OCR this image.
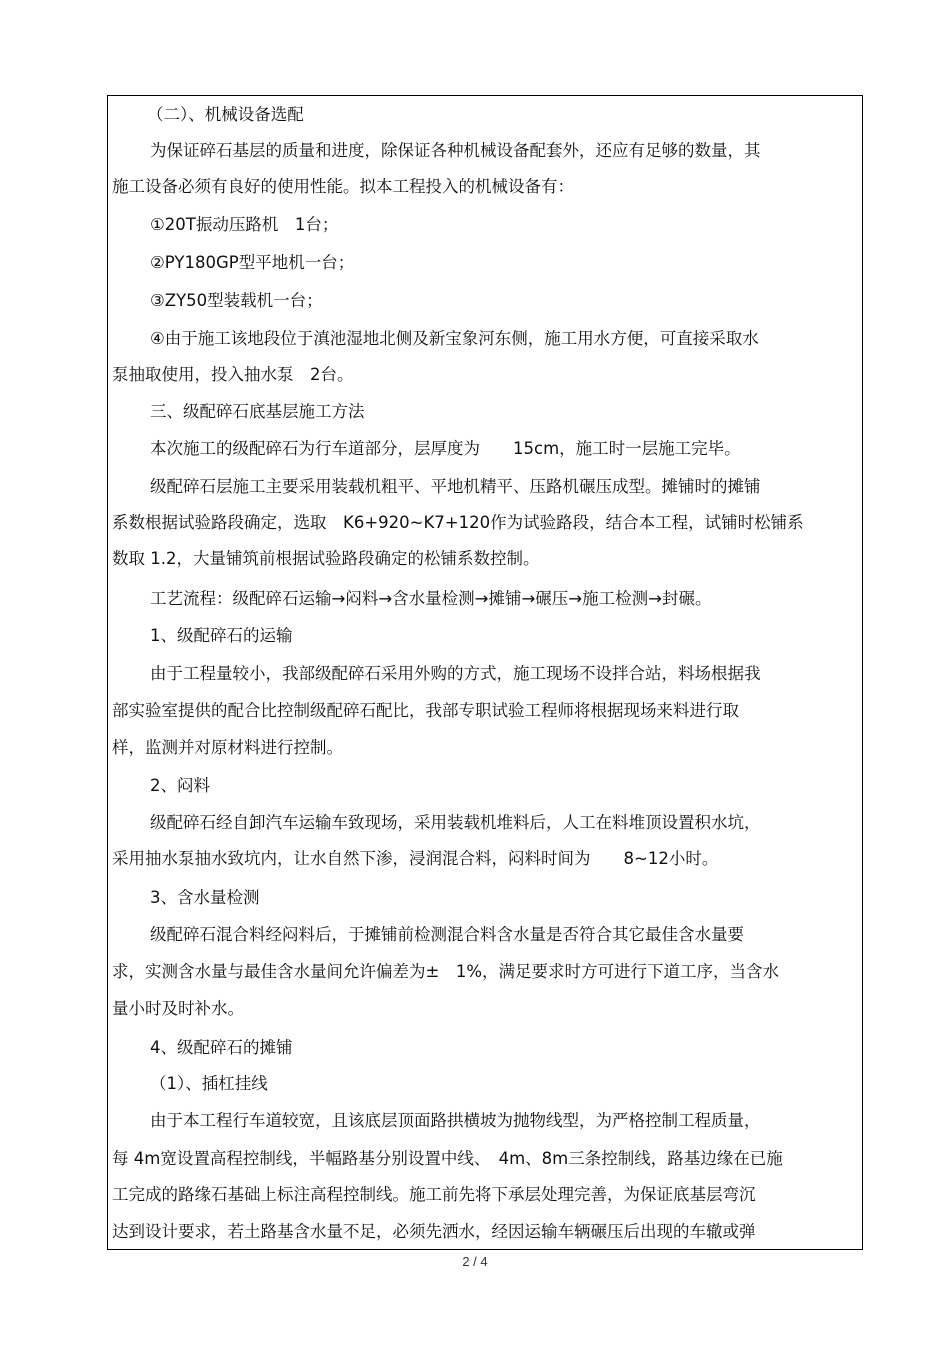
（二）、机械设备选配
为保证碎石基层的质量和进度，除保证各种机械设备配套外，还应有足够的数量，其
施工设备必须有良好的使用性能。拟本工程投入的机械设备有：
①20T振动压路机　1台；
②PY180GP型平地机一台；
③ZY50型装载机一台；
④由于施工该地段位于滇池湿地北侧及新宝象河东侧，施工用水方便，可直接采取水
泵抽取使用，投入抽水泵　2台。
三、级配碎石底基层施工方法
本次施工的级配碎石为行车道部分，层厚度为　　15cm，施工时一层施工完毕。
级配碎石层施工主要采用装载机粗平、平地机精平、压路机碾压成型。摊铺时的摊铺
系数根据试验路段确定，选取　K6+920~K7+120作为试验路段，结合本工程，试铺时松铺系
数取 1.2，大量铺筑前根据试验路段确定的松铺系数控制。
工艺流程：级配碎石运输→闷料→含水量检测→摊铺→碾压→施工检测→封碾。
1、级配碎石的运输
由于工程量较小，我部级配碎石采用外购的方式，施工现场不设拌合站，料场根据我
部实验室提供的配合比控制级配碎石配比，我部专职试验工程师将根据现场来料进行取
样，监测并对原材料进行控制。
2、闷料
级配碎石经自卸汽车运输车致现场，采用装载机堆料后，人工在料堆顶设置积水坑，
采用抽水泵抽水致坑内，让水自然下渗，浸润混合料，闷料时间为　　8~12小时。
3、含水量检测
级配碎石混合料经闷料后，于摊铺前检测混合料含水量是否符合其它最佳含水量要
求，实测含水量与最佳含水量间允许偏差为±　1%，满足要求时方可进行下道工序，当含水
量小时及时补水。
4、级配碎石的摊铺
（1）、插杠挂线
由于本工程行车道较宽，且该底层顶面路拱横坡为抛物线型，为严格控制工程质量，
每 4m宽设置高程控制线，半幅路基分别设置中线、　4m、8m三条控制线，路基边缘在已施
工完成的路缘石基础上标注高程控制线。施工前先将下承层处理完善，为保证底基层弯沉
达到设计要求，若土路基含水量不足，必须先洒水，经因运输车辆碾压后出现的车辙或弹
2 / 4
